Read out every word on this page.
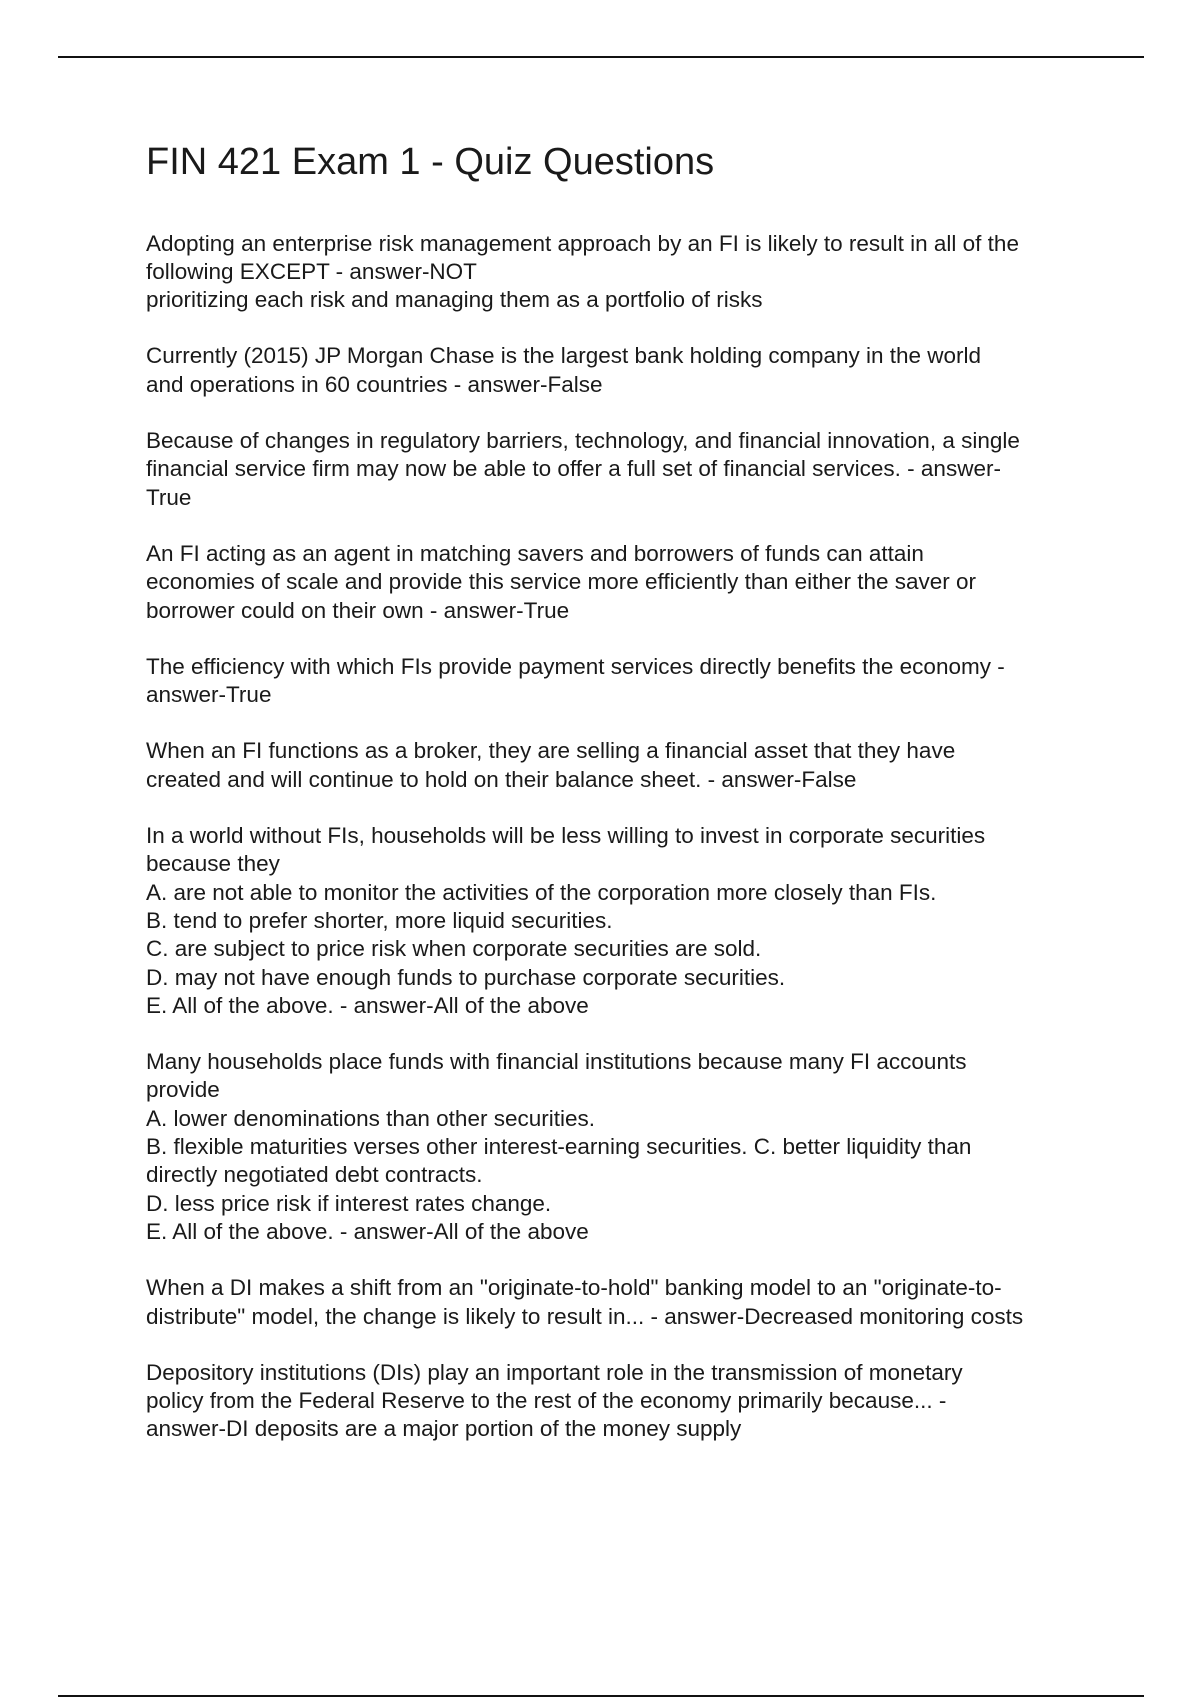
FIN 421 Exam 1 - Quiz Questions

Adopting an enterprise risk management approach by an FI is likely to result in all of the
following EXCEPT - answer-NOT
prioritizing each risk and managing them as a portfolio of risks

Currently (2015) JP Morgan Chase is the largest bank holding company in the world
and operations in 60 countries - answer-False

Because of changes in regulatory barriers, technology, and financial innovation, a single
financial service firm may now be able to offer a full set of financial services. - answer-
True

An FI acting as an agent in matching savers and borrowers of funds can attain
economies of scale and provide this service more efficiently than either the saver or
borrower could on their own - answer-True

The efficiency with which FIs provide payment services directly benefits the economy -
answer-True

When an FI functions as a broker, they are selling a financial asset that they have
created and will continue to hold on their balance sheet. - answer-False

In a world without FIs, households will be less willing to invest in corporate securities
because they
A. are not able to monitor the activities of the corporation more closely than FIs.
B. tend to prefer shorter, more liquid securities.
C. are subject to price risk when corporate securities are sold.
D. may not have enough funds to purchase corporate securities.
E. All of the above. - answer-All of the above

Many households place funds with financial institutions because many FI accounts
provide
A. lower denominations than other securities.
B. flexible maturities verses other interest-earning securities. C. better liquidity than
directly negotiated debt contracts.
D. less price risk if interest rates change.
E. All of the above. - answer-All of the above

When a DI makes a shift from an "originate-to-hold" banking model to an "originate-to-
distribute" model, the change is likely to result in... - answer-Decreased monitoring costs

Depository institutions (DIs) play an important role in the transmission of monetary
policy from the Federal Reserve to the rest of the economy primarily because... -
answer-DI deposits are a major portion of the money supply
